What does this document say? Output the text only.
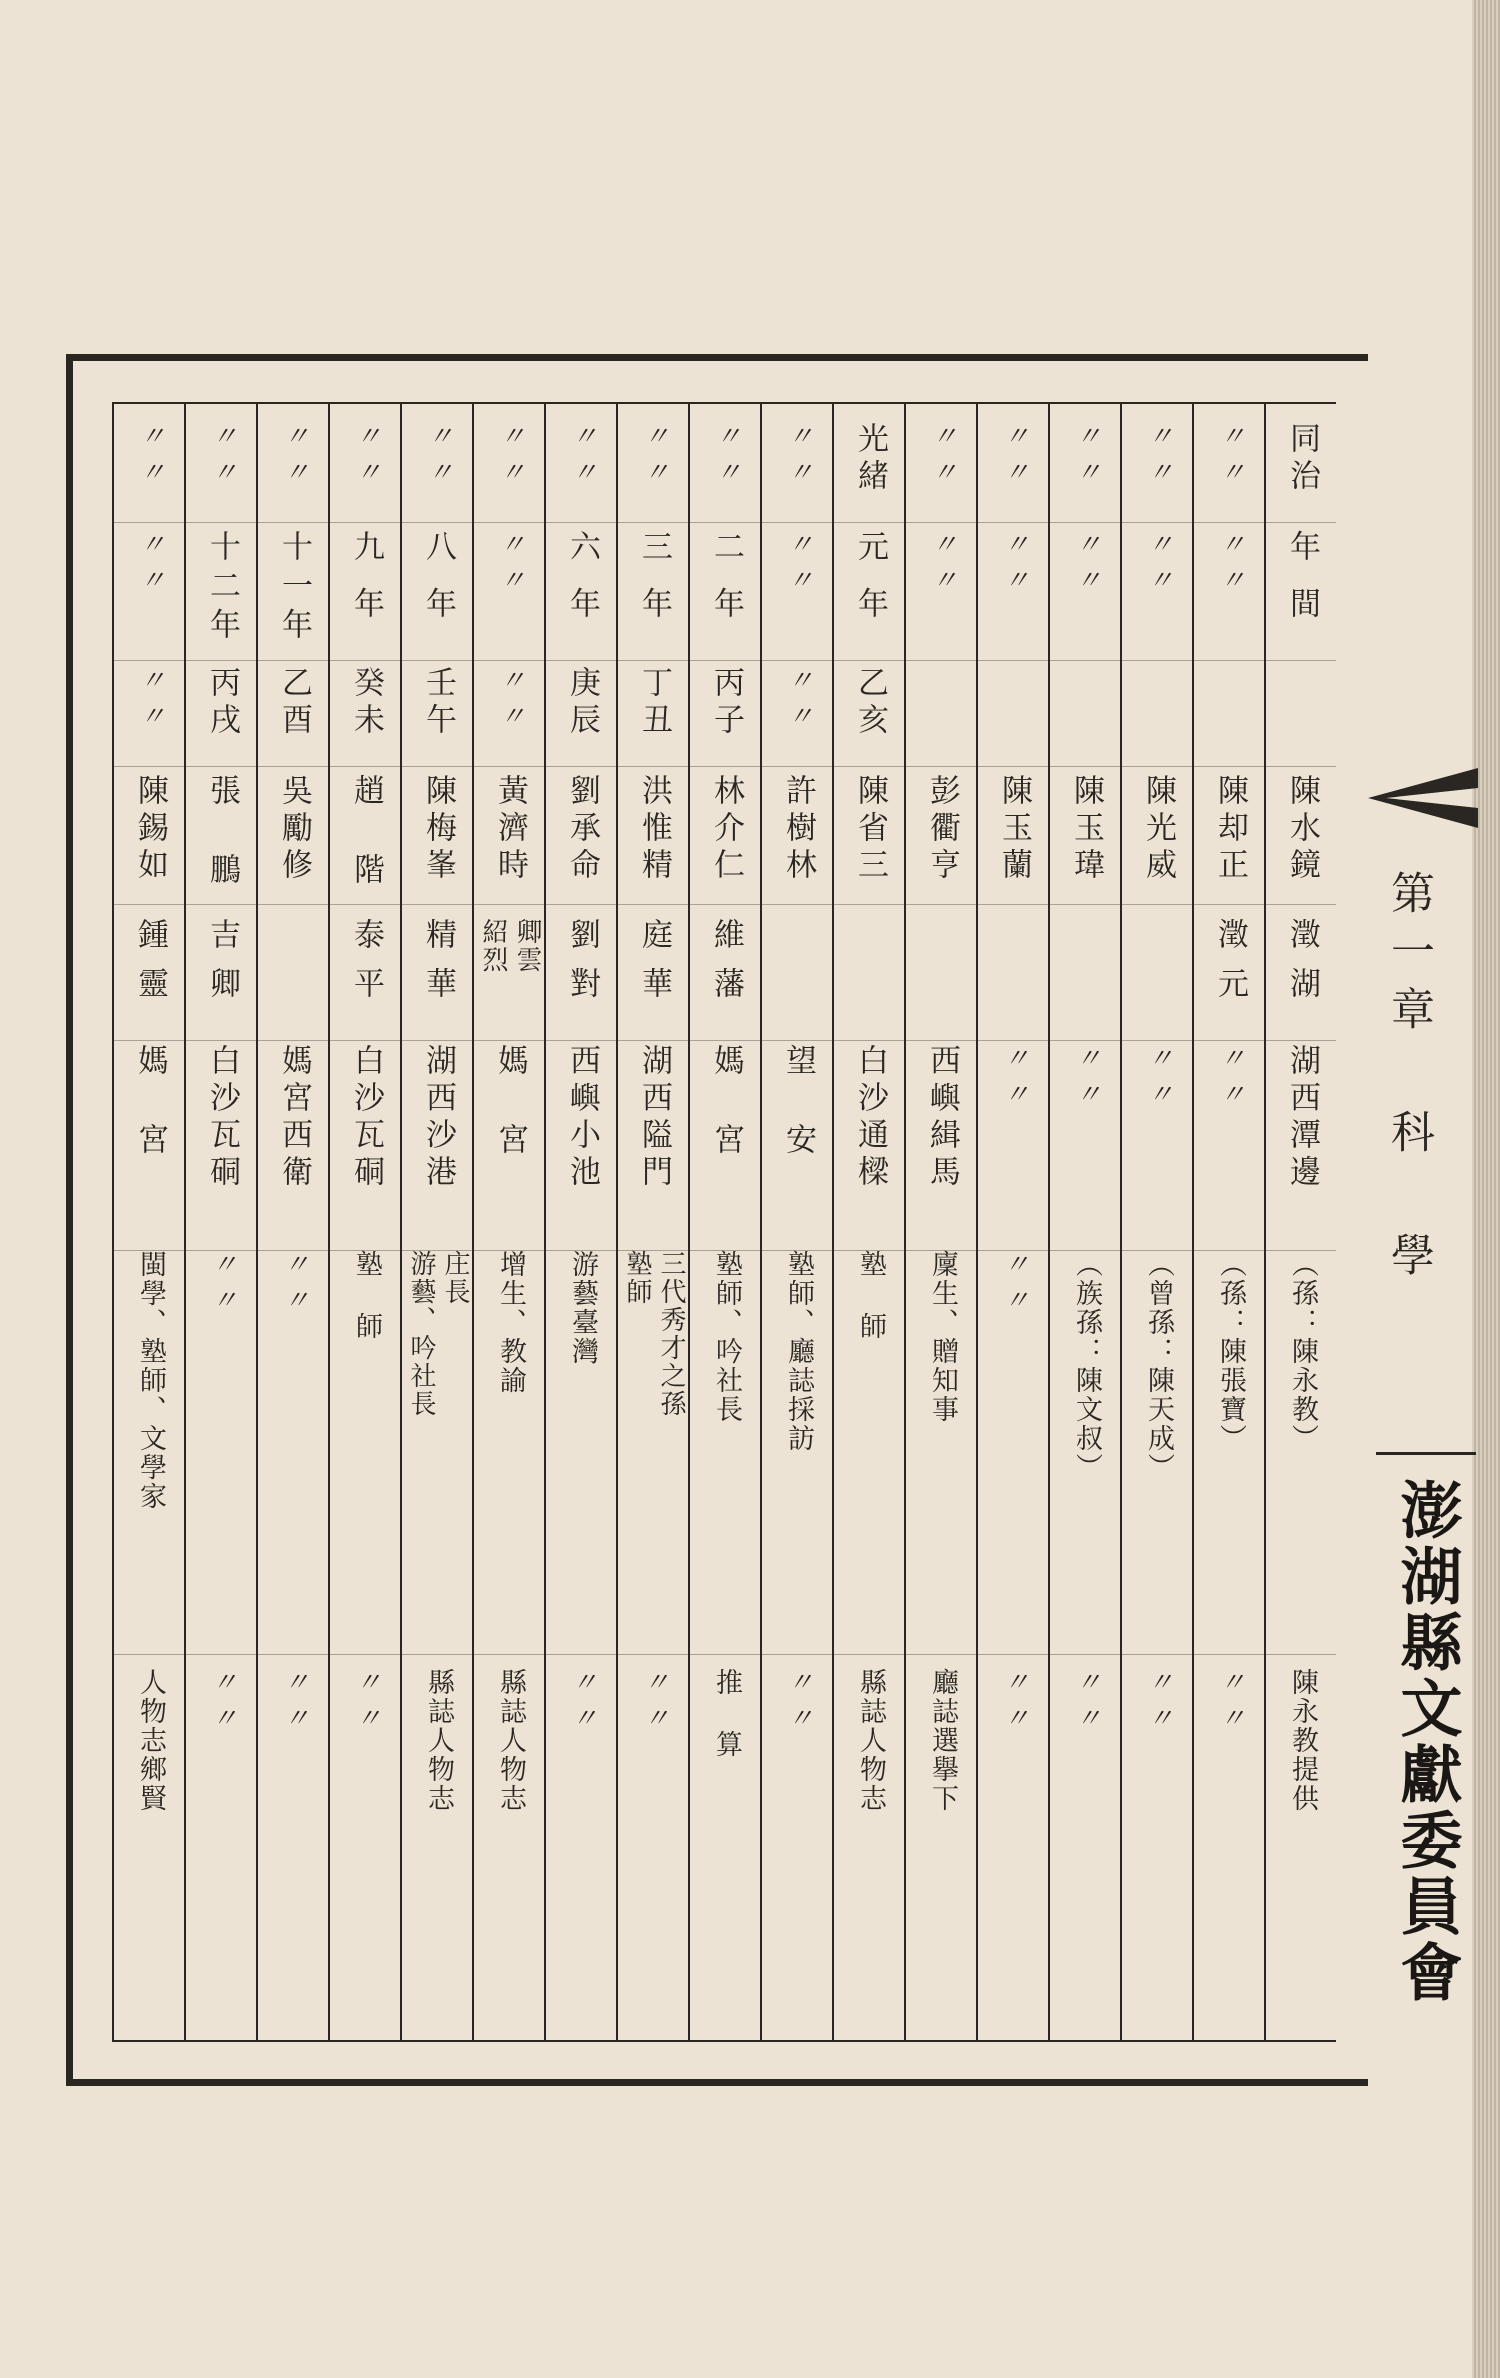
同治
年間
陳水鏡
澂湖
湖西潭邊
（孫：陳永教）
陳永教提供
〃〃
〃〃
陳却正
澂元
〃〃
（孫：陳張寶）
〃〃
〃〃
〃〃
陳光威
〃〃
（曾孫：陳天成）
〃〃
〃〃
〃〃
陳玉瑋
〃〃
（族孫：陳文叔）
〃〃
〃〃
〃〃
陳玉蘭
〃〃
〃〃
〃〃
〃〃
〃〃
彭衢亨
西嶼緝馬
廩生、贈知事
廳誌選擧下
光緒
元年
乙亥
陳省三
白沙通樑
塾 師
縣誌人物志
〃〃
〃〃
〃〃
許樹林
望 安
塾師、廳誌採訪
〃〃
〃〃
二年
丙子
林介仁
維藩
媽 宮
塾師、吟社長
推 算
〃〃
三年
丁丑
洪惟精
庭華
湖西隘門
三代秀才之孫
塾師
〃〃
〃〃
六年
庚辰
劉承命
劉對
西嶼小池
游藝臺灣
〃〃
〃〃
〃〃
〃〃
黃濟時
卿雲
紹烈
媽 宮
增生、教諭
縣誌人物志
〃〃
八年
壬午
陳梅峯
精華
湖西沙港
庄長
游藝、吟社長
縣誌人物志
〃〃
九年
癸未
趙 階
泰平
白沙瓦硐
塾 師
〃〃
〃〃
十一年
乙酉
吳勵修
媽宮西衛
〃〃
〃〃
〃〃
十二年
丙戌
張 鵬
吉卿
白沙瓦硐
〃〃
〃〃
〃〃
〃〃
〃〃
陳錫如
鍾靈
媽 宮
閩學、塾師、文學家
人物志鄉賢
第一章 科 學
澎湖縣文獻委員會
